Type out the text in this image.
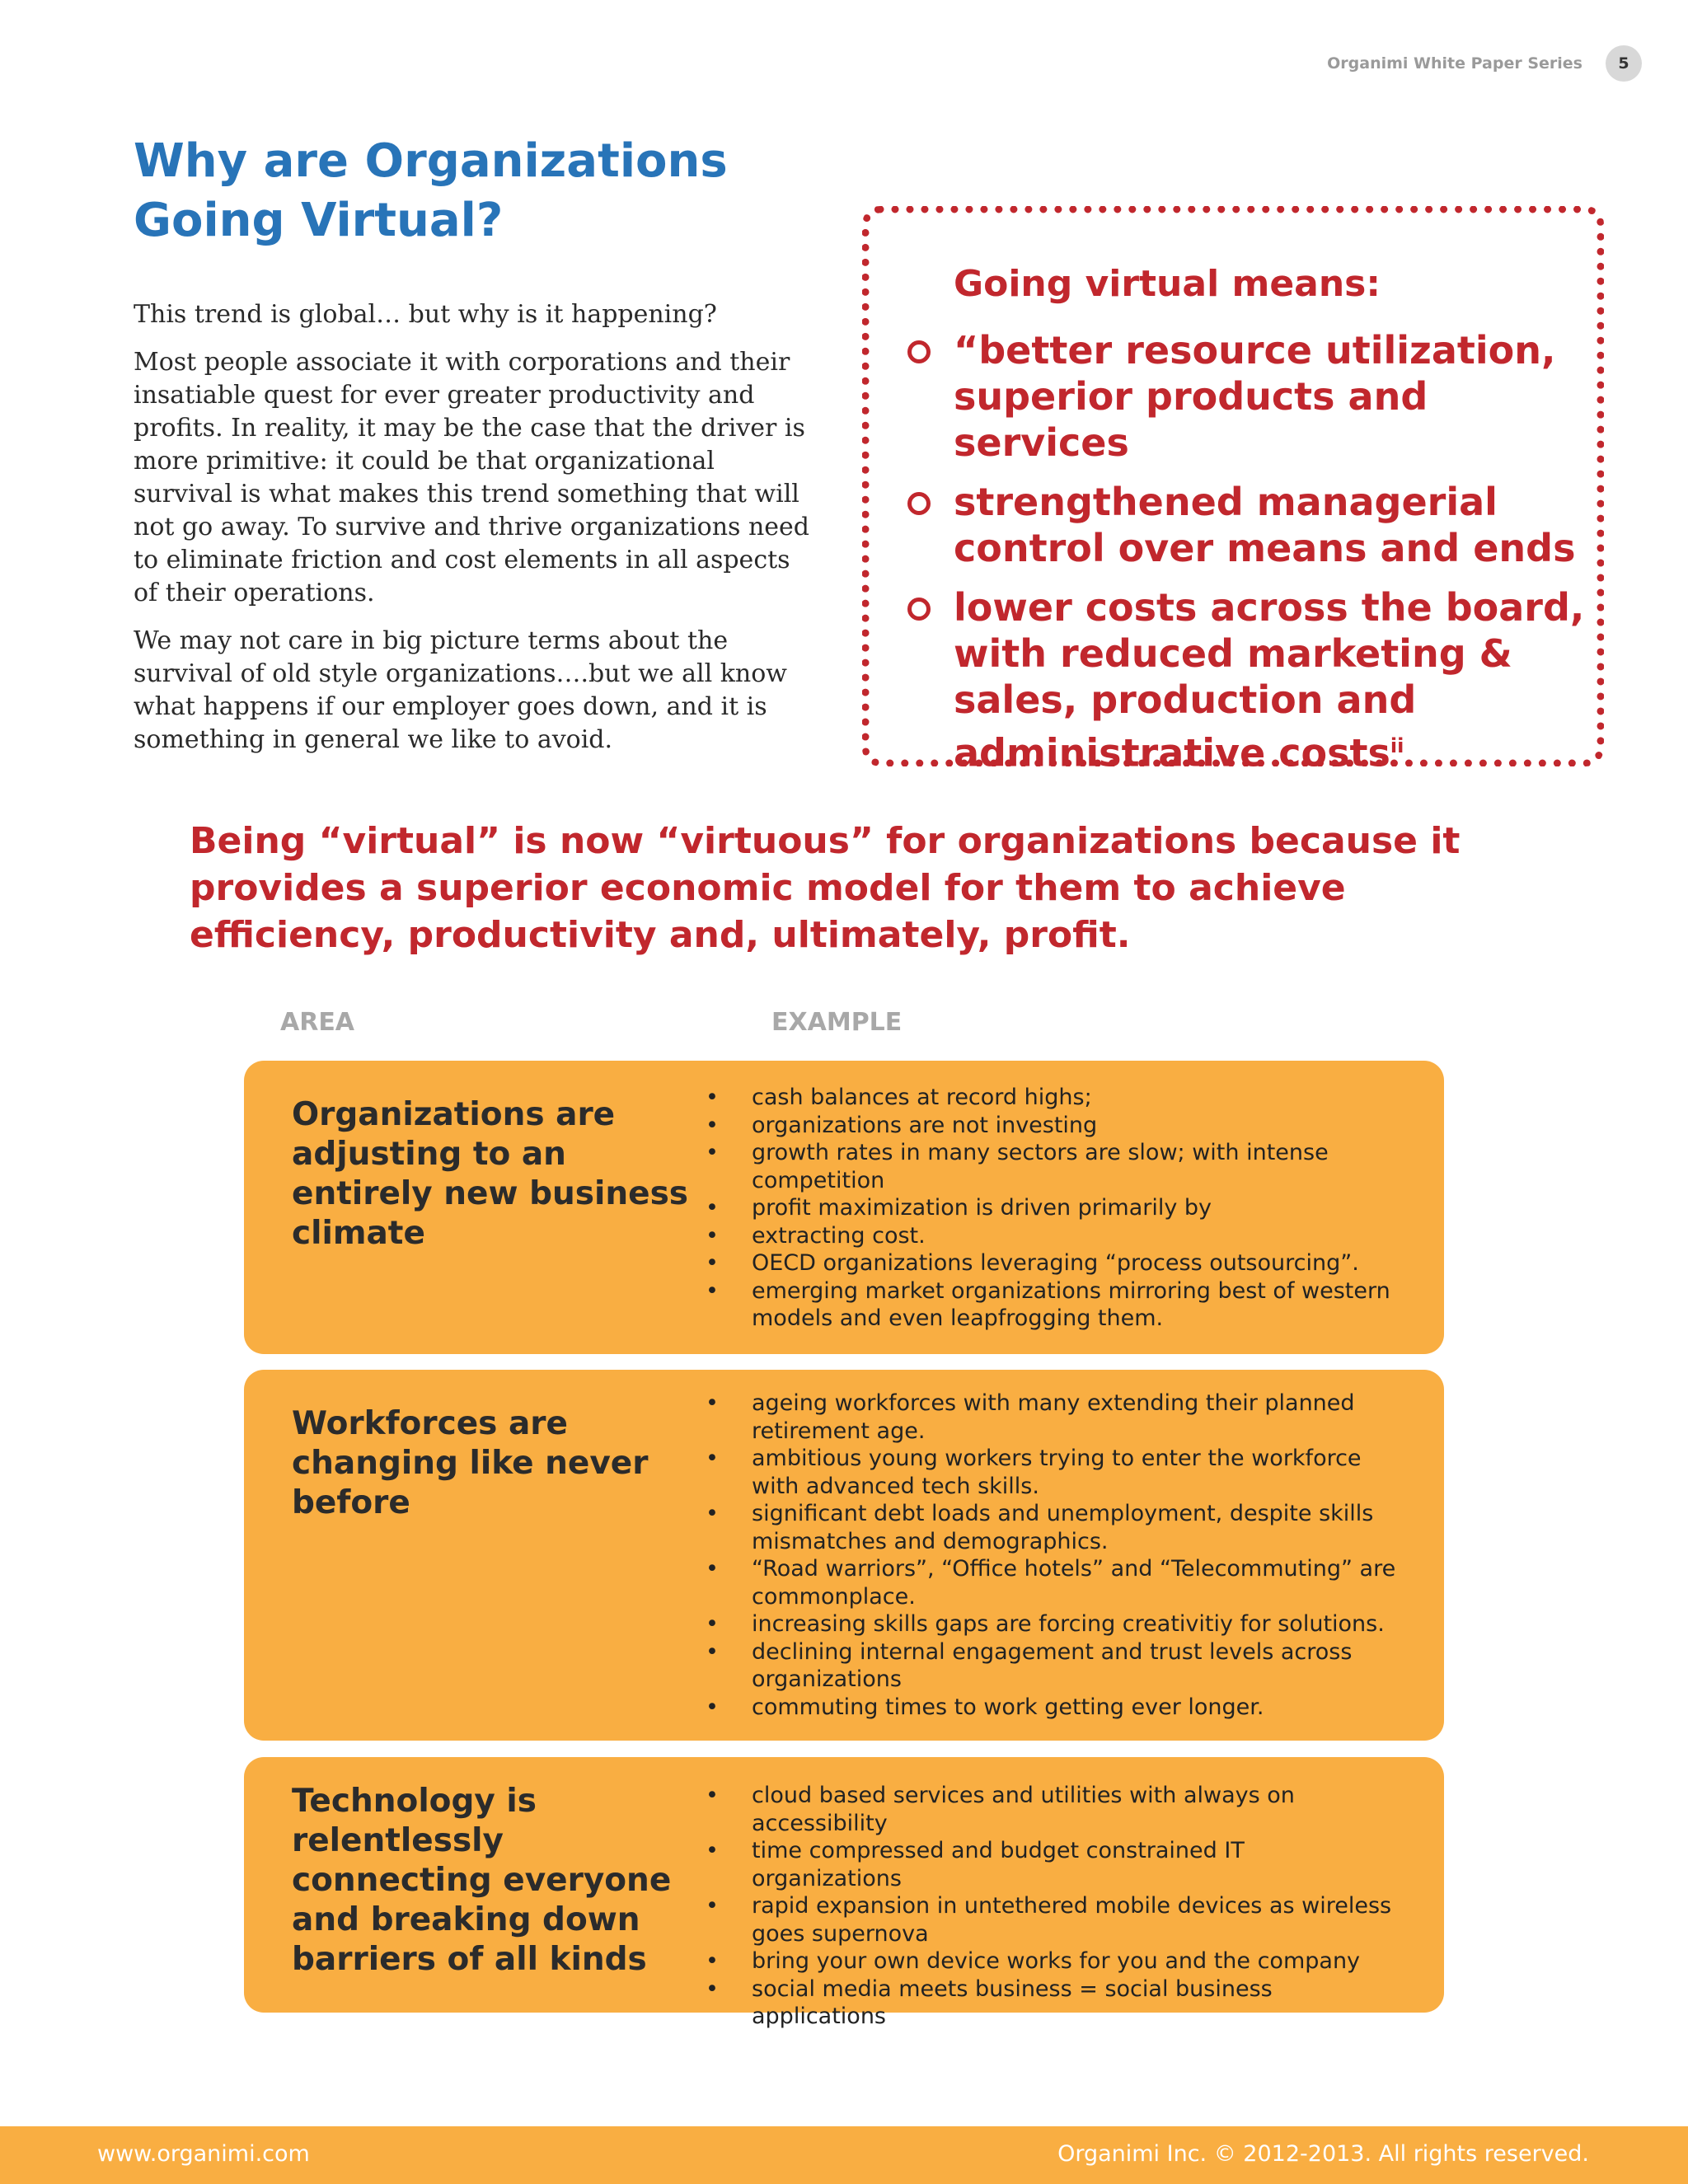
Organimi White Paper Series	5
Why are Organizations
Going Virtual?

This trend is global… but why is it happening?

Most people associate it with corporations and their insatiable quest for ever greater productivity and profits. In reality, it may be the case that the driver is more primitive: it could be that organizational survival is what makes this trend something that will not go away. To survive and thrive organizations need to eliminate friction and cost elements in all aspects of their operations.

We may not care in big picture terms about the survival of old style organizations….but we all know what happens if our employer goes down, and it is something in general we like to avoid.

Going virtual means:
“better resource utilization, superior products and services
strengthened managerial control over means and ends
lower costs across the board, with reduced marketing & sales, production and administrative costs$^{ii}$

Being “virtual” is now “virtuous” for organizations because it provides a superior economic model for them to achieve efficiency, productivity and, ultimately, profit.

AREA	EXAMPLE

Organizations are adjusting to an entirely new business climate

• cash balances at record highs;
• organizations are not investing
• growth rates in many sectors are slow; with intense competition
• profit maximization is driven primarily by
• extracting cost.
• OECD organizations leveraging “process outsourcing”.
• emerging market organizations mirroring best of western models and even leapfrogging them.

Workforces are changing like never before

• ageing workforces with many extending their planned retirement age.
• ambitious young workers trying to enter the workforce with advanced tech skills.
• significant debt loads and unemployment, despite skills mismatches and demographics.
• “Road warriors”, “Office hotels” and “Telecommuting” are commonplace.
• increasing skills gaps are forcing creativitiy for solutions.
• declining internal engagement and trust levels across organizations
• commuting times to work getting ever longer.

Technology is relentlessly connecting everyone and breaking down barriers of all kinds

• cloud based services and utilities with always on accessibility
• time compressed and budget constrained IT organizations
• rapid expansion in untethered mobile devices as wireless goes supernova
• bring your own device works for you and the company
• social media meets business = social business applications
www.organimi.com	Organimi Inc. © 2012-2013. All rights reserved.
